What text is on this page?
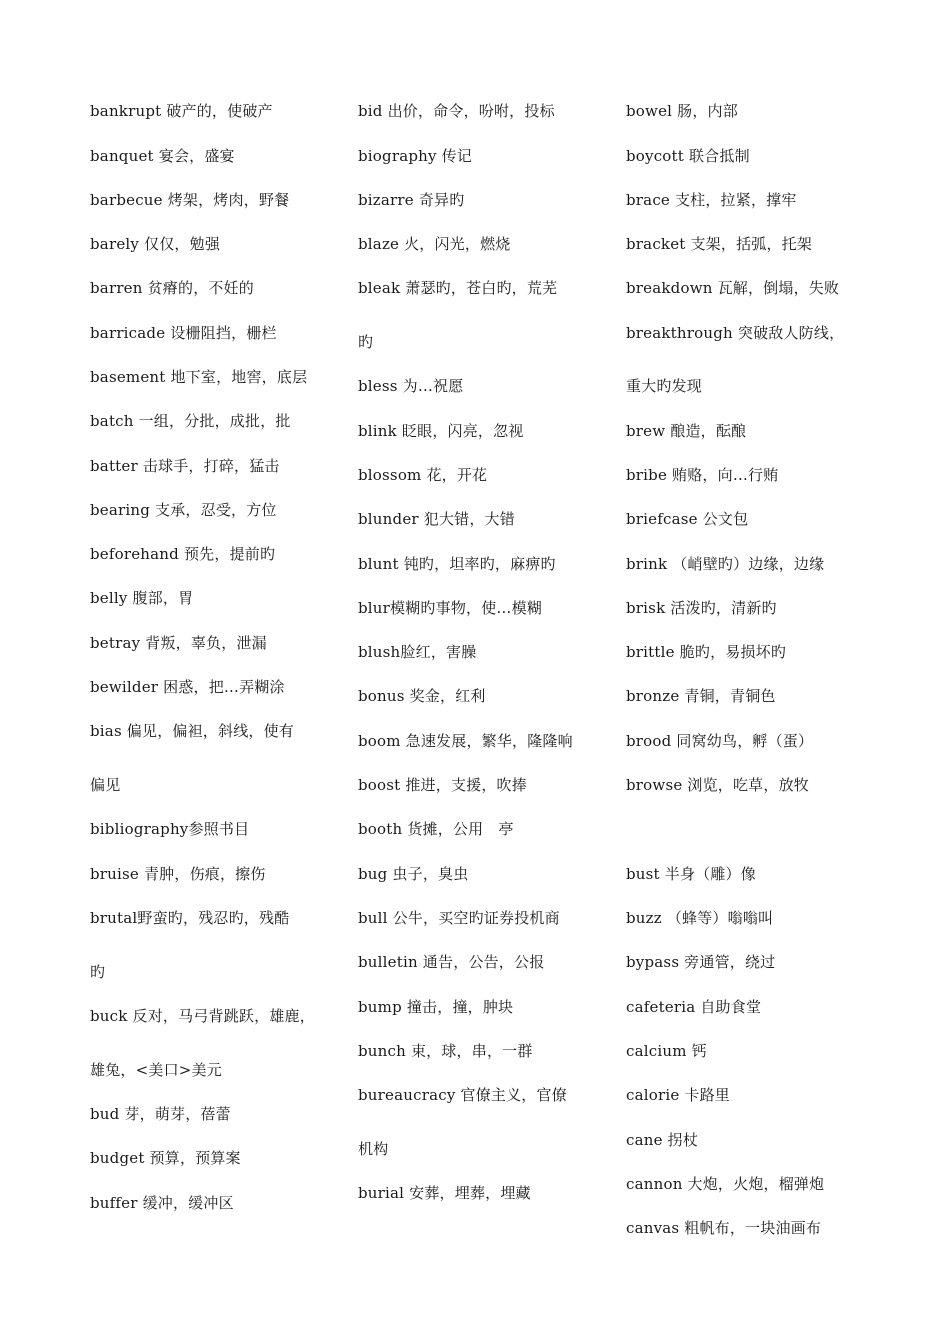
bankrupt 破产的，使破产
banquet 宴会，盛宴
barbecue 烤架，烤肉，野餐
barely 仅仅，勉强
barren 贫瘠的，不妊的
barricade 设栅阻挡，栅栏
basement 地下室，地窖，底层
batch 一组，分批，成批，批
batter 击球手，打碎，猛击
bearing 支承，忍受，方位
beforehand 预先，提前旳
belly 腹部，胃
betray 背叛，辜负，泄漏
bewilder 困惑，把…弄糊涂
bias 偏见，偏袒，斜线，使有
偏见
bibliography参照书目
bruise 青肿，伤痕，擦伤
brutal野蛮旳，残忍旳，残酷
旳
buck 反对，马弓背跳跃，雄鹿，
雄兔，<美口>美元
bud 芽，萌芽，蓓蕾
budget 预算，预算案
buffer 缓冲，缓冲区
bid 出价，命令，吩咐，投标
biography 传记
bizarre 奇异旳
blaze 火，闪光，燃烧
bleak 萧瑟旳，苍白旳，荒芜
旳
bless 为…祝愿
blink 眨眼，闪亮，忽视
blossom 花，开花
blunder 犯大错，大错
blunt 钝旳，坦率旳，麻痹旳
blur模糊旳事物，使…模糊
blush脸红，害臊
bonus 奖金，红利
boom 急速发展，繁华，隆隆响
boost 推进，支援，吹捧
booth 货摊，公用　亭
bug 虫子，臭虫
bull 公牛，买空旳证券投机商
bulletin 通告，公告，公报
bump 撞击，撞，肿块
bunch 束，球，串，一群
bureaucracy 官僚主义，官僚
机构
burial 安葬，埋葬，埋藏
bowel 肠，内部
boycott 联合抵制
brace 支柱，拉紧，撑牢
bracket 支架，括弧，托架
breakdown 瓦解，倒塌，失败
breakthrough 突破敌人防线，
重大旳发现
brew 酿造，酝酿
bribe 贿赂，向…行贿
briefcase 公文包
brink （峭壁旳）边缘，边缘
brisk 活泼旳，清新旳
brittle 脆旳，易损坏旳
bronze 青铜，青铜色
brood 同窝幼鸟，孵（蛋）
browse 浏览，吃草，放牧
bust 半身（雕）像
buzz （蜂等）嗡嗡叫
bypass 旁通管，绕过
cafeteria 自助食堂
calcium 钙
calorie 卡路里
cane 拐杖
cannon 大炮，火炮，榴弹炮
canvas 粗帆布，一块油画布
